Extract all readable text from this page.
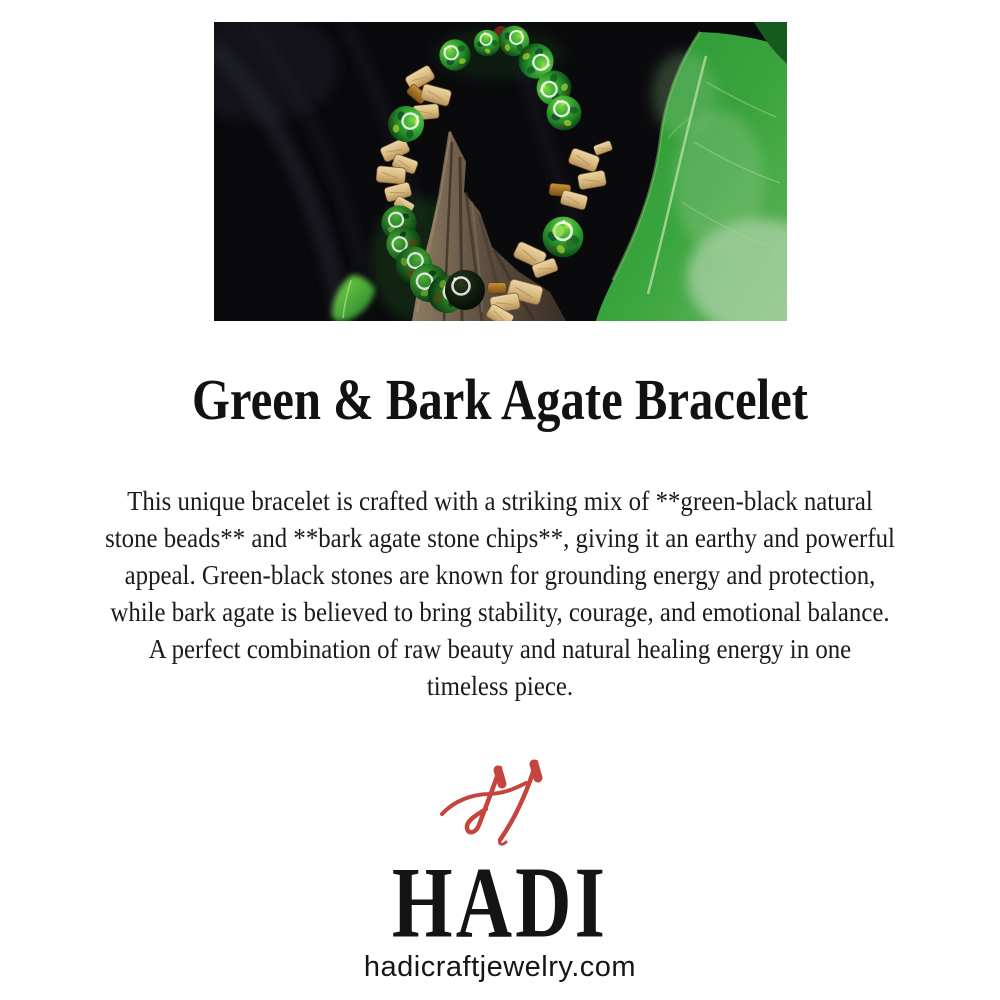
Green & Bark Agate Bracelet
This unique bracelet is crafted with a striking mix of **green-black natural
stone beads** and **bark agate stone chips**, giving it an earthy and powerful
appeal. Green-black stones are known for grounding energy and protection,
while bark agate is believed to bring stability, courage, and emotional balance.
A perfect combination of raw beauty and natural healing energy in one
timeless piece.
HADI
hadicraftjewelry.com
